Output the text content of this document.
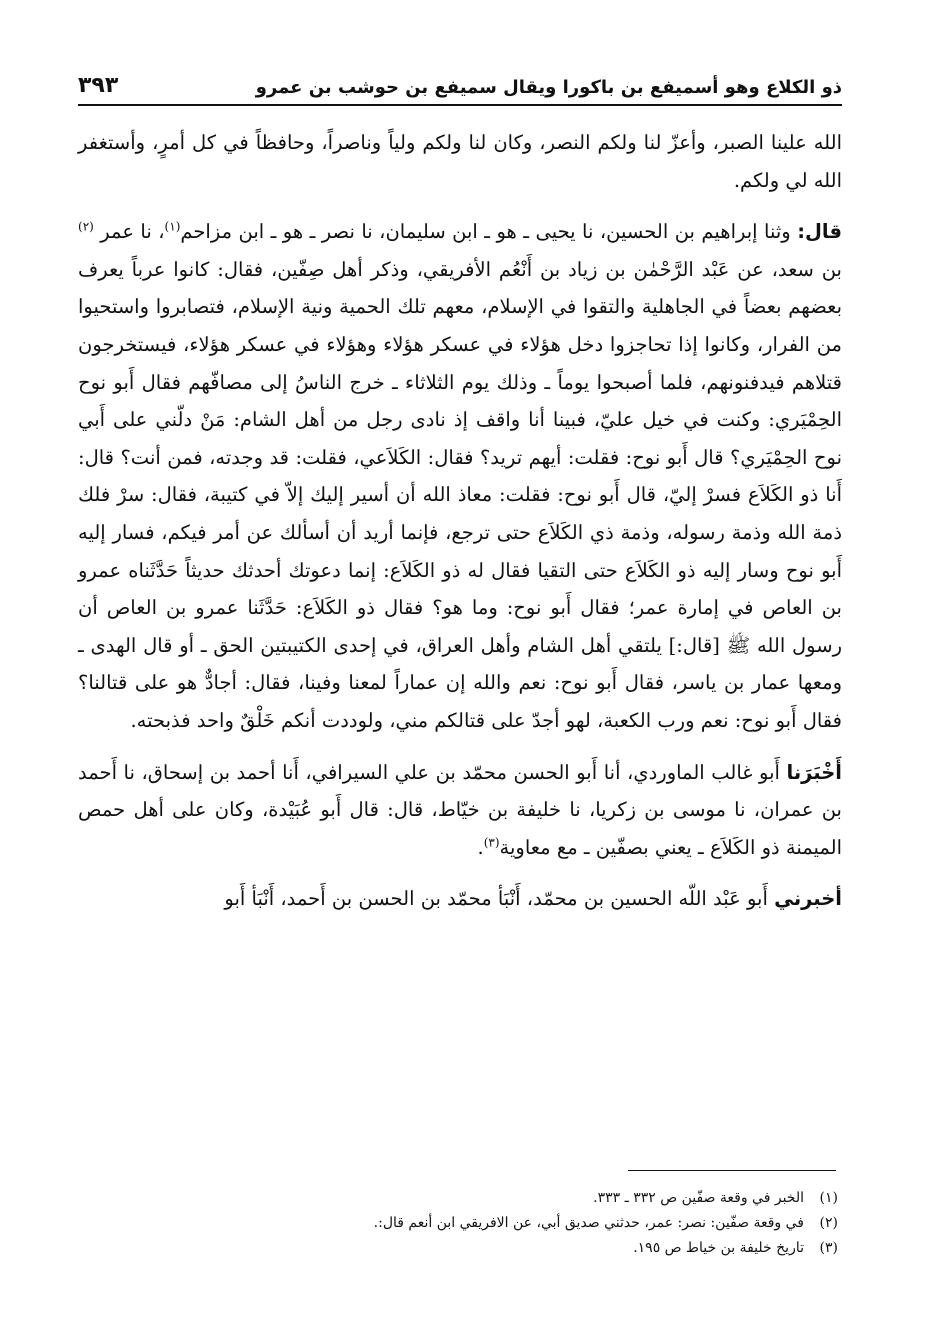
ذو الكلاع وهو أسميفع بن باكورا ويقال سميفع بن حوشب بن عمرو
٣٩٣

الله علينا الصبر، وأعزّ لنا ولكم النصر، وكان لنا ولكم ولياً وناصراً، وحافظاً في كل أمرٍ، وأستغفر الله لي ولكم.

قال: وثنا إبراهيم بن الحسين، نا يحيى ـ هو ـ ابن سليمان، نا نصر ـ هو ـ ابن مزاحم$^{(١)}$، نا عمر $^{(٢)}$ بن سعد، عن عَبْد الرَّحْمٰن بن زياد بن أَنْعُم الأفريقي، وذكر أهل صِفّين، فقال: كانوا عرباً يعرف بعضهم بعضاً في الجاهلية والتقوا في الإسلام، معهم تلك الحمية ونية الإسلام، فتصابروا واستحيوا من الفرار، وكانوا إذا تحاجزوا دخل هؤلاء في عسكر هؤلاء وهؤلاء في عسكر هؤلاء، فيستخرجون قتلاهم فيدفنونهم، فلما أصبحوا يوماً ـ وذلك يوم الثلاثاء ـ خرج الناسُ إلى مصافّهم فقال أَبو نوح الحِمْيَري: وكنت في خيل عليّ، فبينا أنا واقف إذ نادى رجل من أهل الشام: مَنْ دلّني على أَبي نوح الحِمْيَري؟ قال أَبو نوح: فقلت: أيهم تريد؟ فقال: الكَلاَعي، فقلت: قد وجدته، فمن أنت؟ قال: أَنا ذو الكَلاَع فسرْ إليّ، قال أَبو نوح: فقلت: معاذ الله أن أسير إليك إلاّ في كتيبة، فقال: سرْ فلك ذمة الله وذمة رسوله، وذمة ذي الكَلاَع حتى ترجع، فإنما أريد أن أسألك عن أمر فيكم، فسار إليه أَبو نوح وسار إليه ذو الكَلاَع حتى التقيا فقال له ذو الكَلاَع: إنما دعوتك أحدثك حديثاً حَدَّثَناه عمرو بن العاص في إمارة عمر؛ فقال أَبو نوح: وما هو؟ فقال ذو الكَلاَع: حَدَّثَنا عمرو بن العاص أن رسول الله ﷺ [قال:] يلتقي أهل الشام وأهل العراق، في إحدى الكتيبتين الحق ـ أو قال الهدى ـ ومعها عمار بن ياسر، فقال أَبو نوح: نعم والله إن عماراً لمعنا وفينا، فقال: أجادٌّ هو على قتالنا؟ فقال أَبو نوح: نعم ورب الكعبة، لهو أجدّ على قتالكم مني، ولوددت أنكم خَلْقٌ واحد فذبحته.

أَخْبَرَنا أَبو غالب الماوردي، أنا أَبو الحسن محمّد بن علي السيرافي، أَنا أحمد بن إسحاق، نا أَحمد بن عمران، نا موسى بن زكريا، نا خليفة بن خيّاط، قال: قال أَبو عُبَيْدة، وكان على أهل حمص الميمنة ذو الكَلاَع ـ يعني بصفّين ـ مع معاوية$^{(٣)}$.

أخبرني أَبو عَبْد اللّه الحسين بن محمّد، أَنْبَأ محمّد بن الحسن بن أَحمد، أَنْبَأ أَبو

(١)الخبر في وقعة صفّين ص ٣٣٢ ـ ٣٣٣.
(٢)في وقعة صفّين: نصر: عمر، حدثني صديق أبي، عن الافريقي ابن أنعم قال:.
(٣)تاريخ خليفة بن خياط ص ١٩٥.
